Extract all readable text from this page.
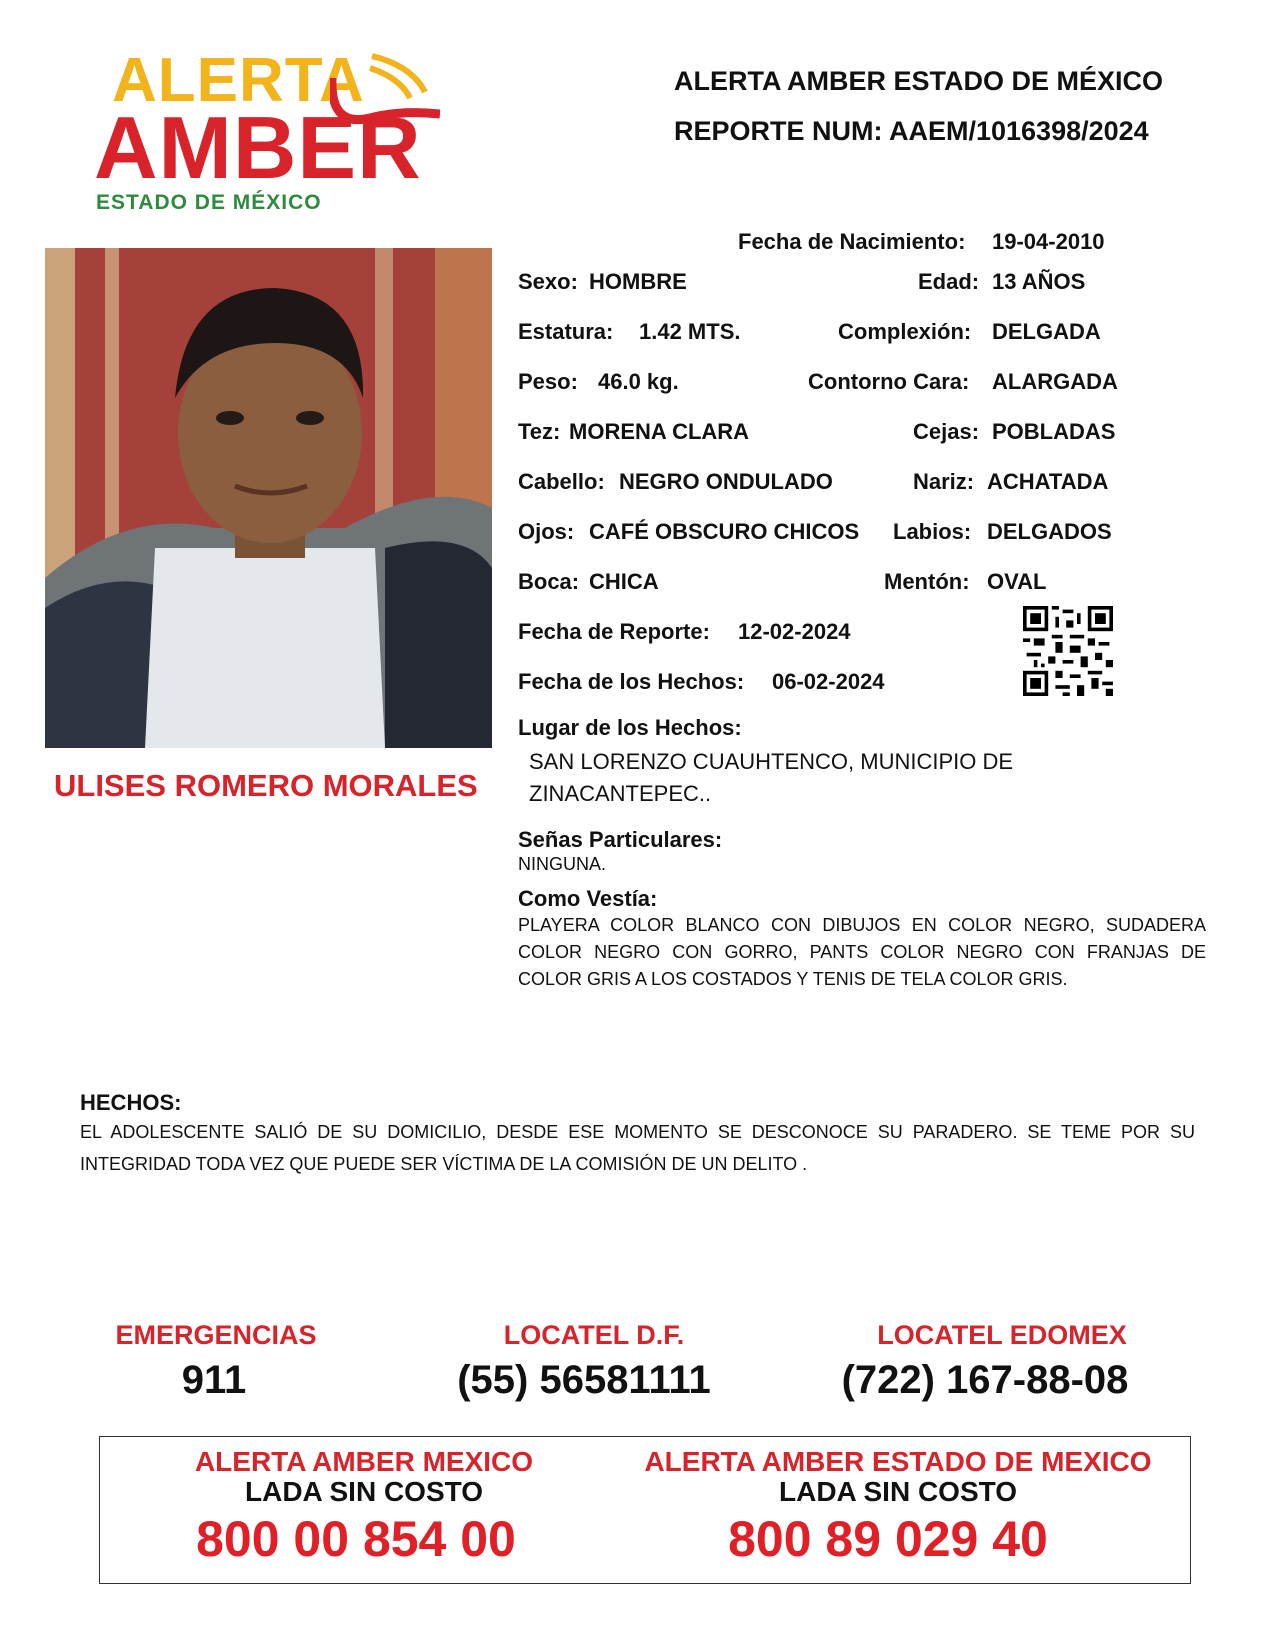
ALERTA
AMBER
ESTADO DE MÉXICO
ALERTA AMBER ESTADO DE MÉXICO
REPORTE NUM: AAEM/1016398/2024
ULISES ROMERO MORALES
Fecha de Nacimiento: 19-04-2010
Sexo: HOMBRE	Edad: 13 AÑOS
Estatura: 1.42 MTS.	Complexión: DELGADA
Peso: 46.0 kg.	Contorno Cara: ALARGADA
Tez: MORENA CLARA	Cejas: POBLADAS
Cabello: NEGRO ONDULADO	Nariz: ACHATADA
Ojos: CAFÉ OBSCURO CHICOS Labios: DELGADOS
Boca: CHICA	Mentón: OVAL
Fecha de Reporte: 12-02-2024
Fecha de los Hechos: 06-02-2024
Lugar de los Hechos:
SAN LORENZO CUAUHTENCO, MUNICIPIO DE
ZINACANTEPEC..
Señas Particulares:
NINGUNA.
Como Vestía:
PLAYERA COLOR BLANCO CON DIBUJOS EN COLOR NEGRO, SUDADERA COLOR NEGRO CON GORRO, PANTS COLOR NEGRO CON FRANJAS DE COLOR GRIS A LOS COSTADOS Y TENIS DE TELA COLOR GRIS.
HECHOS:
EL ADOLESCENTE SALIÓ DE SU DOMICILIO, DESDE ESE MOMENTO SE DESCONOCE SU PARADERO. SE TEME POR SU INTEGRIDAD TODA VEZ QUE PUEDE SER VÍCTIMA DE LA COMISIÓN DE UN DELITO .
EMERGENCIAS
911
LOCATEL D.F.
(55) 56581111
LOCATEL EDOMEX
(722) 167-88-08
ALERTA AMBER MEXICO
LADA SIN COSTO
800 00 854 00
ALERTA AMBER ESTADO DE MEXICO
LADA SIN COSTO
800 89 029 40
